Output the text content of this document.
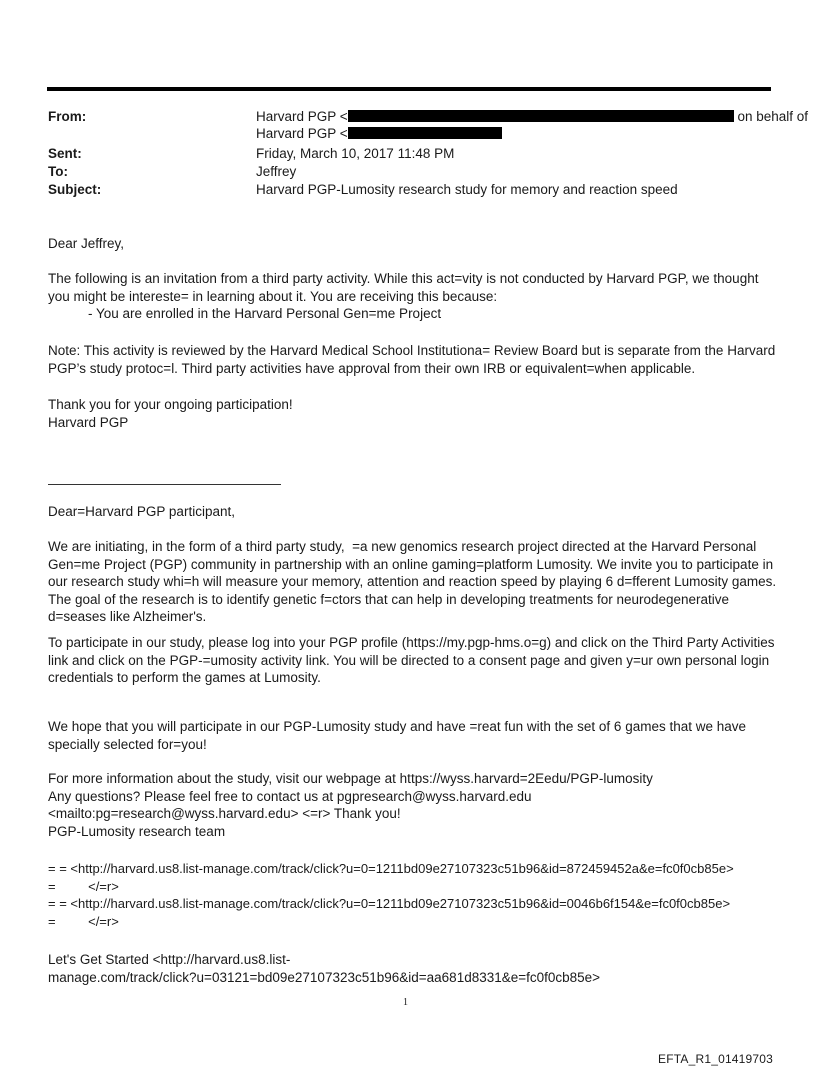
From:	Harvard PGP <	on behalf of
Harvard PGP <
Sent:	Friday, March 10, 2017 11:48 PM
To:	Jeffrey
Subject:	Harvard PGP-Lumosity research study for memory and reaction speed
Dear Jeffrey,
The following is an invitation from a third party activity. While this act=vity is not conducted by Harvard PGP, we thought you might be intereste= in learning about it. You are receiving this because:
- You are enrolled in the Harvard Personal Gen=me Project
Note: This activity is reviewed by the Harvard Medical School Institutiona= Review Board but is separate from the Harvard PGP’s study protoc=l. Third party activities have approval from their own IRB or equivalent=when applicable.
Thank you for your ongoing participation!
Harvard PGP
Dear=Harvard PGP participant,
We are initiating, in the form of a third party study,  =a new genomics research project directed at the Harvard Personal Gen=me Project (PGP) community in partnership with an online gaming=platform Lumosity. We invite you to participate in our research study whi=h will measure your memory, attention and reaction speed by playing 6 d=fferent Lumosity games. The goal of the research is to identify genetic f=ctors that can help in developing treatments for neurodegenerative d=seases like Alzheimer's.
To participate in our study, please log into your PGP profile (https://my.pgp-hms.o=g) and click on the Third Party Activities link and click on the PGP-=umosity activity link. You will be directed to a consent page and given y=ur own personal login credentials to perform the games at Lumosity.
We hope that you will participate in our PGP-Lumosity study and have =reat fun with the set of 6 games that we have specially selected for=you!
For more information about the study, visit our webpage at https://wyss.harvard=2Eedu/PGP-lumosity
Any questions? Please feel free to contact us at pgpresearch@wyss.harvard.edu
<mailto:pg=research@wyss.harvard.edu> <=r> Thank you!
PGP-Lumosity research team
= = <http://harvard.us8.list-manage.com/track/click?u=0=1211bd09e27107323c51b96&id=872459452a&e=fc0f0cb85e>
=         </=r>
= = <http://harvard.us8.list-manage.com/track/click?u=0=1211bd09e27107323c51b96&id=0046b6f154&e=fc0f0cb85e>
=         </=r>
Let's Get Started <http://harvard.us8.list-
manage.com/track/click?u=03121=bd09e27107323c51b96&id=aa681d8331&e=fc0f0cb85e>
1
EFTA_R1_01419703
